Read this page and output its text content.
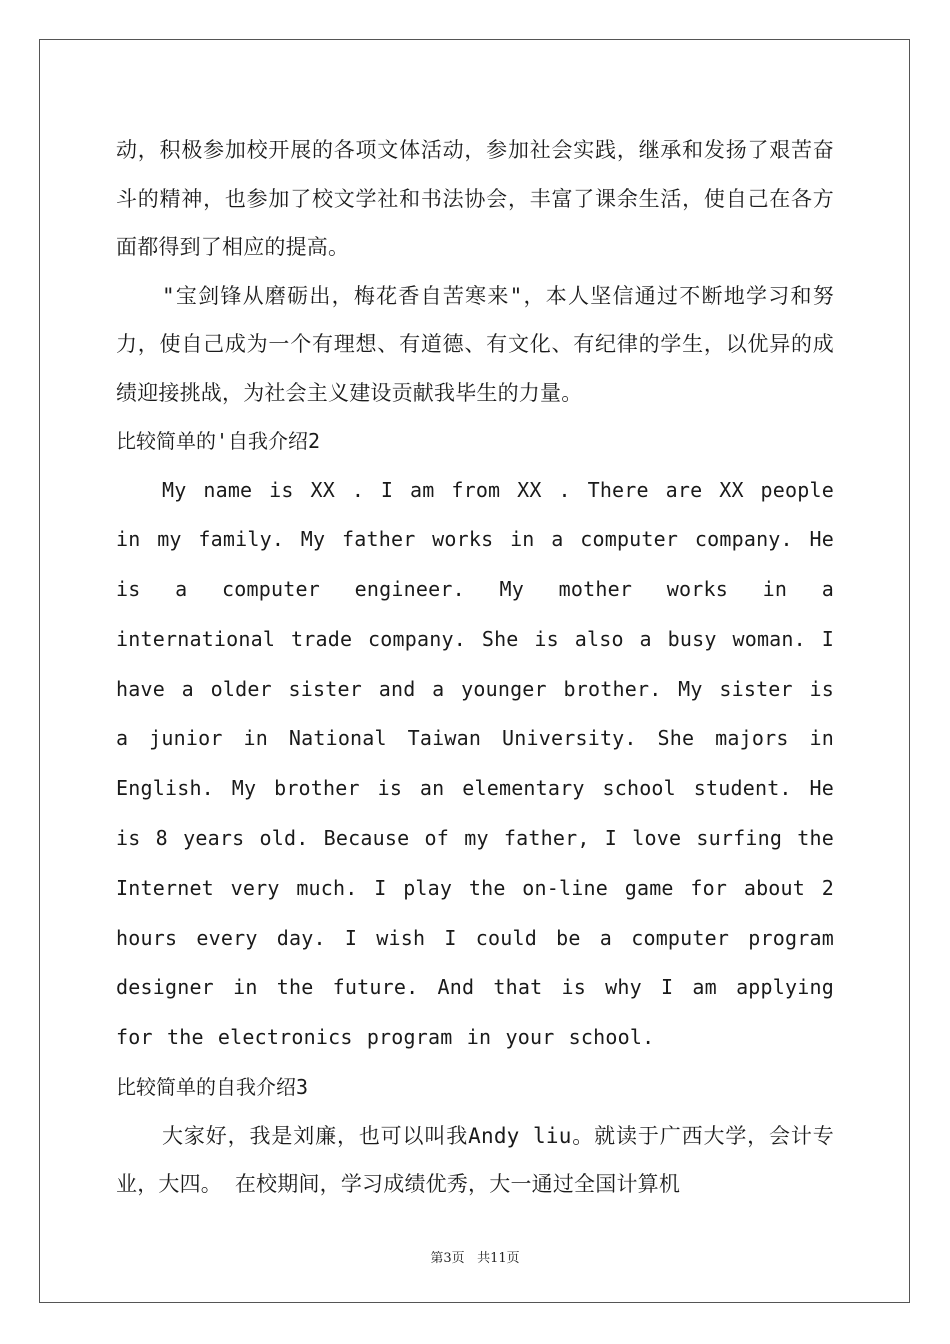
动，积极参加校开展的各项文体活动，参加社会实践，继承和发扬了艰苦奋斗的精神，也参加了校文学社和书法协会，丰富了课余生活，使自己在各方面都得到了相应的提高。

"宝剑锋从磨砺出，梅花香自苦寒来"，本人坚信通过不断地学习和努力，使自己成为一个有理想、有道德、有文化、有纪律的学生，以优异的成绩迎接挑战，为社会主义建设贡献我毕生的力量。

比较简单的'自我介绍2

My name is XX . I am from XX . There are XX people in my family. My father works in a computer company. He is a computer engineer. My mother works in a international trade company. She is also a busy woman. I have a older sister and a younger brother. My sister is a junior in National Taiwan University. She majors in English. My brother is an elementary school student. He is 8 years old. Because of my father, I love surfing the Internet very much. I play the on-line game for about 2 hours every day. I wish I could be a computer program designer in the future. And that is why I am applying for the electronics program in your school.

比较简单的自我介绍3

大家好，我是刘廉，也可以叫我Andy liu。就读于广西大学，会计专业，大四。 在校期间，学习成绩优秀，大一通过全国计算机

第3页 共11页
